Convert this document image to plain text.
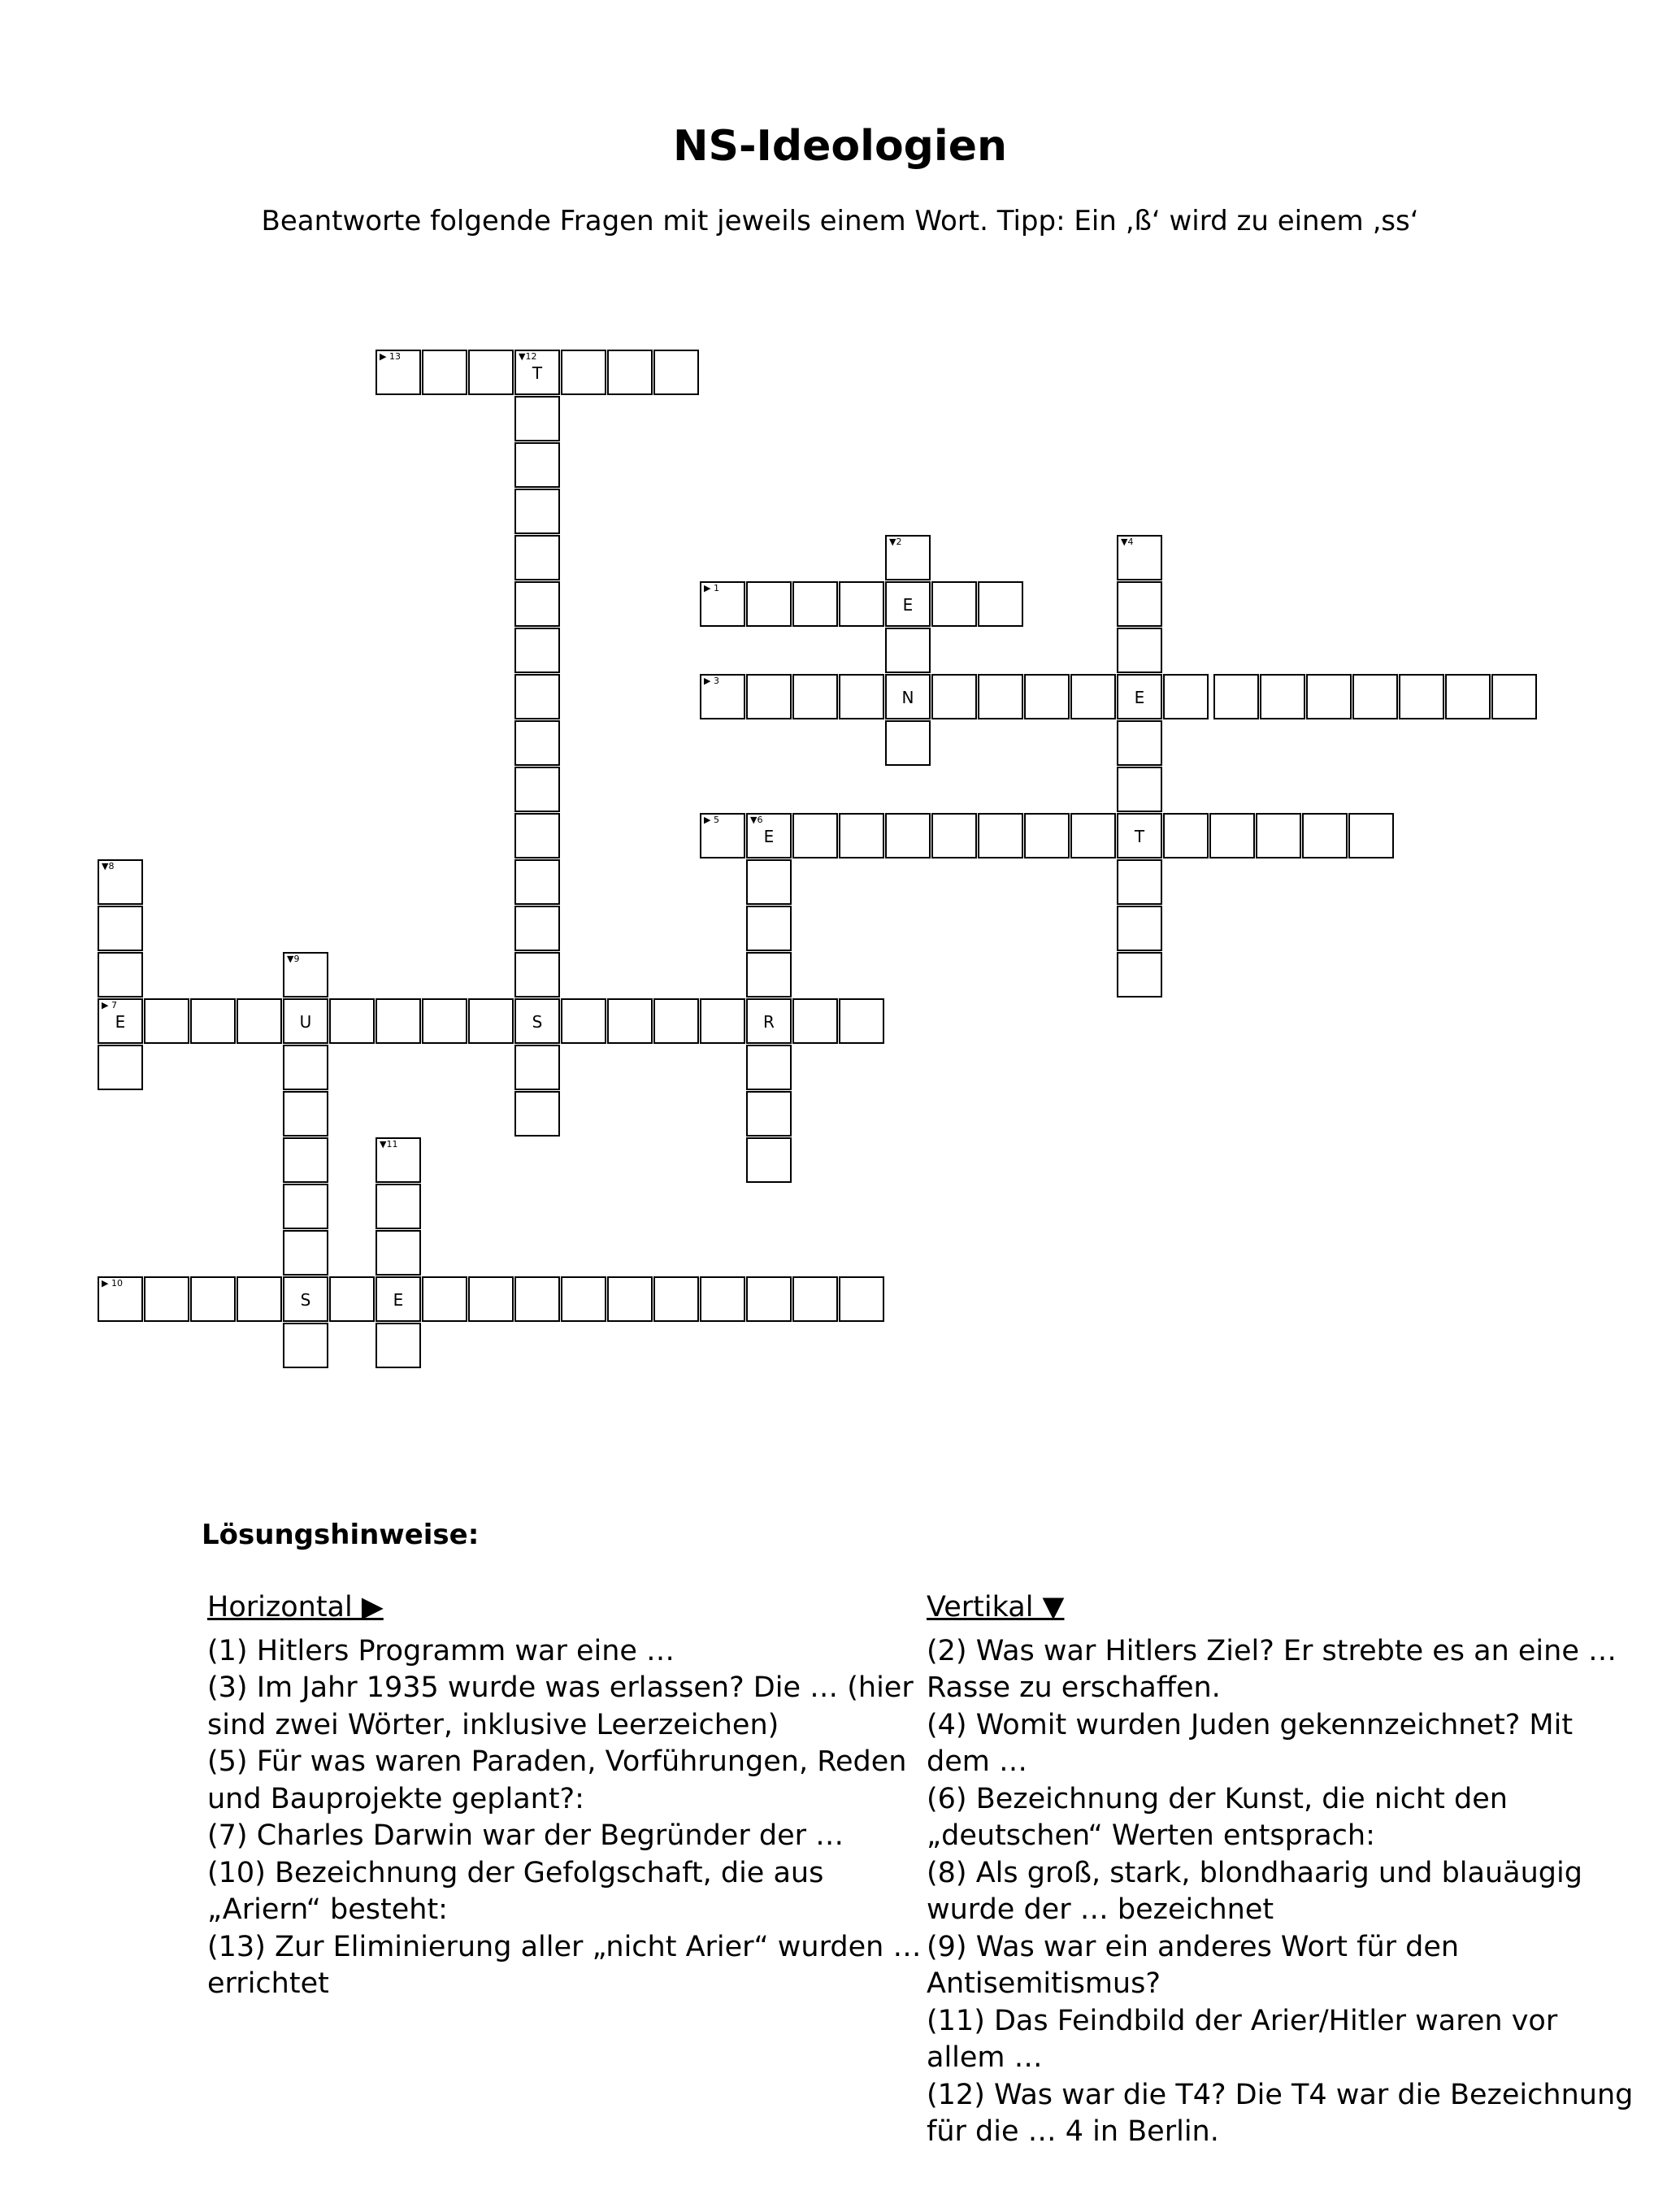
NS-Ideologien
Beantworte folgende Fragen mit jeweils einem Wort. Tipp: Ein ‚ß‘ wird zu einem ‚ss‘
▶ 13	▼12
T
S
▼2	▼4
▶ 1
E
▶ 3
N	E
▶ 5	▼6
E	T
▼8
▼9
▶ 7
E	U	R
▼11
▶ 10
S	E
Lösungshinweise:
Horizontal ▶

(1) Hitlers Programm war eine …

(3) Im Jahr 1935 wurde was erlassen? Die … (hier sind zwei Wörter, inklusive Leerzeichen)

(5) Für was waren Paraden, Vorführungen, Reden und Bauprojekte geplant?:

(7) Charles Darwin war der Begründer der …

(10) Bezeichnung der Gefolgschaft, die aus „Ariern“ besteht:

(13) Zur Eliminierung aller „nicht Arier“ wurden … errichtet

Vertikal ▼

(2) Was war Hitlers Ziel? Er strebte es an eine … Rasse zu erschaffen.

(4) Womit wurden Juden gekennzeichnet? Mit dem …

(6) Bezeichnung der Kunst, die nicht den „deutschen“ Werten entsprach:

(8) Als groß, stark, blondhaarig und blauäugig wurde der … bezeichnet

(9) Was war ein anderes Wort für den Antisemitismus?

(11) Das Feindbild der Arier/Hitler waren vor allem …

(12) Was war die T4? Die T4 war die Bezeichnung für die … 4 in Berlin.
